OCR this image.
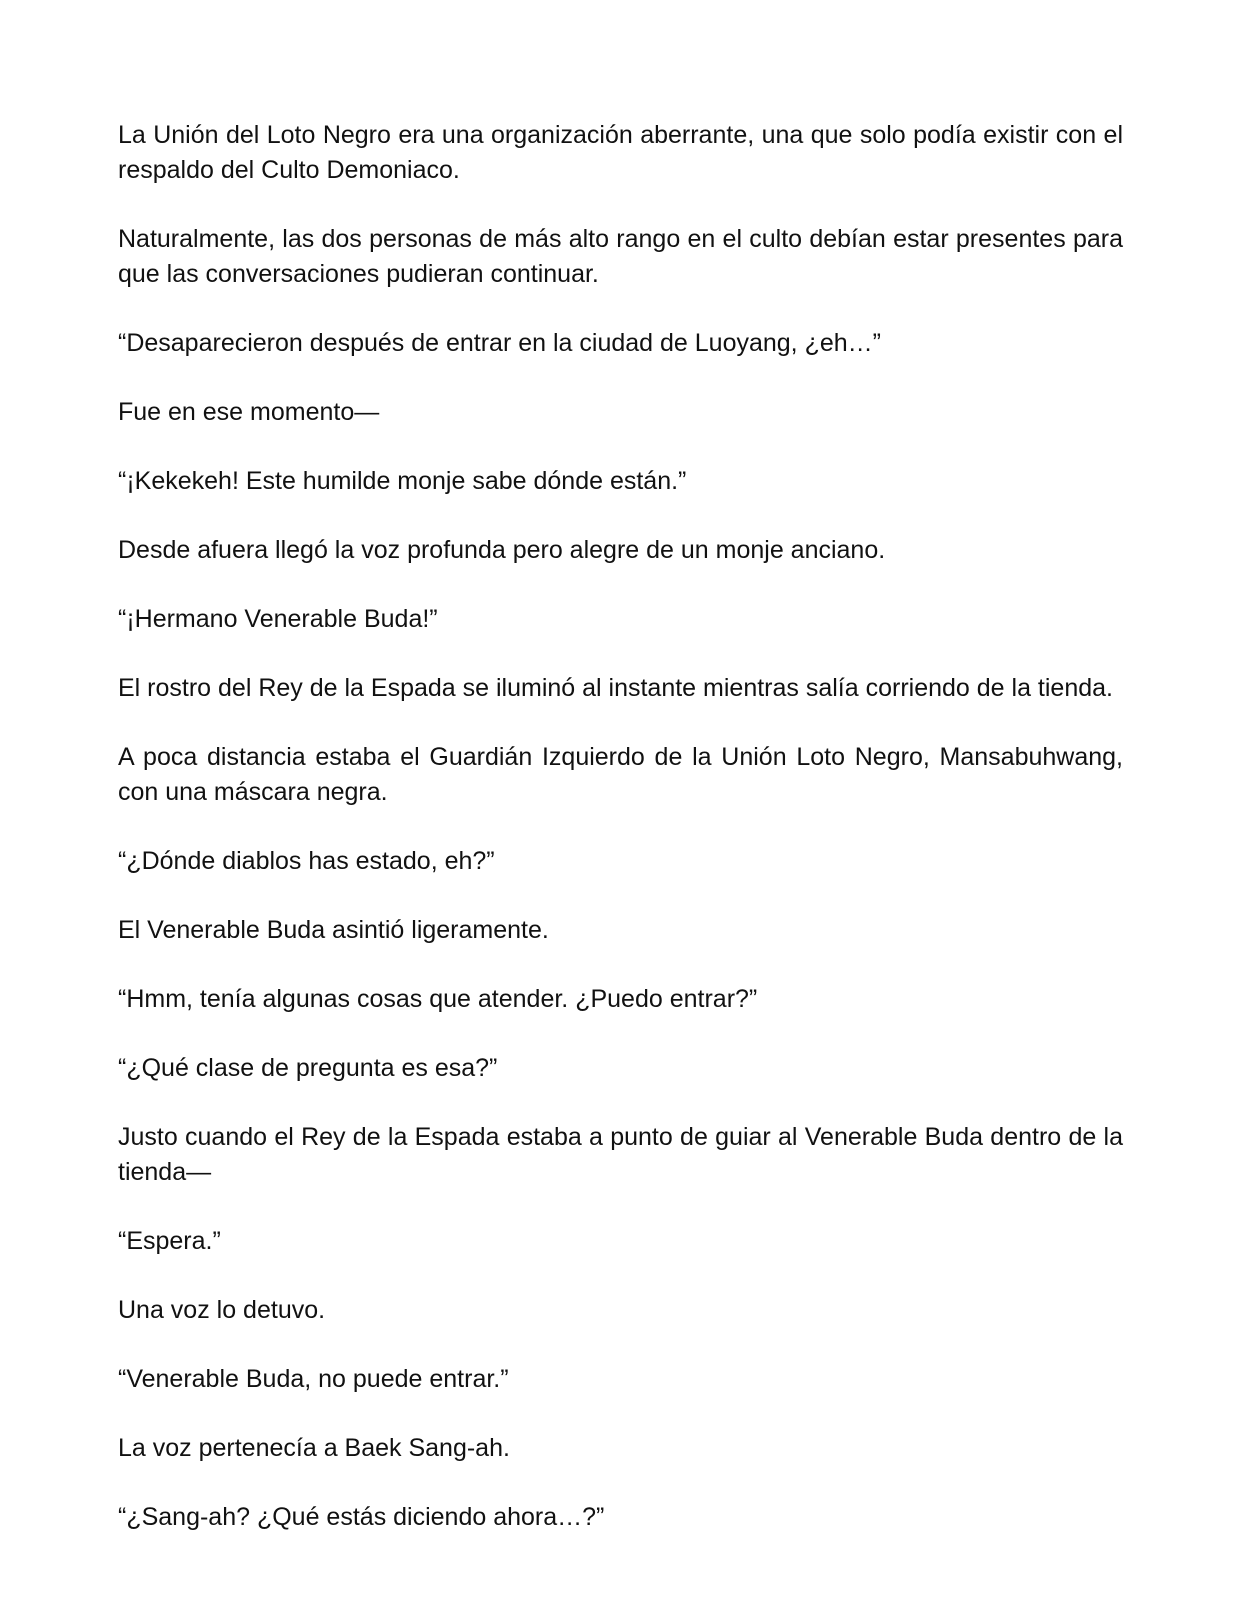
La Unión del Loto Negro era una organización aberrante, una que solo podía existir con el respaldo del Culto Demoniaco.

Naturalmente, las dos personas de más alto rango en el culto debían estar presentes para que las conversaciones pudieran continuar.

“Desaparecieron después de entrar en la ciudad de Luoyang, ¿eh…”

Fue en ese momento—

“¡Kekekeh! Este humilde monje sabe dónde están.”

Desde afuera llegó la voz profunda pero alegre de un monje anciano.

“¡Hermano Venerable Buda!”

El rostro del Rey de la Espada se iluminó al instante mientras salía corriendo de la tienda.

A poca distancia estaba el Guardián Izquierdo de la Unión Loto Negro, Mansabuhwang, con una máscara negra.

“¿Dónde diablos has estado, eh?”

El Venerable Buda asintió ligeramente.

“Hmm, tenía algunas cosas que atender. ¿Puedo entrar?”

“¿Qué clase de pregunta es esa?”

Justo cuando el Rey de la Espada estaba a punto de guiar al Venerable Buda dentro de la tienda—

“Espera.”

Una voz lo detuvo.

“Venerable Buda, no puede entrar.”

La voz pertenecía a Baek Sang-ah.

“¿Sang-ah? ¿Qué estás diciendo ahora…?”
